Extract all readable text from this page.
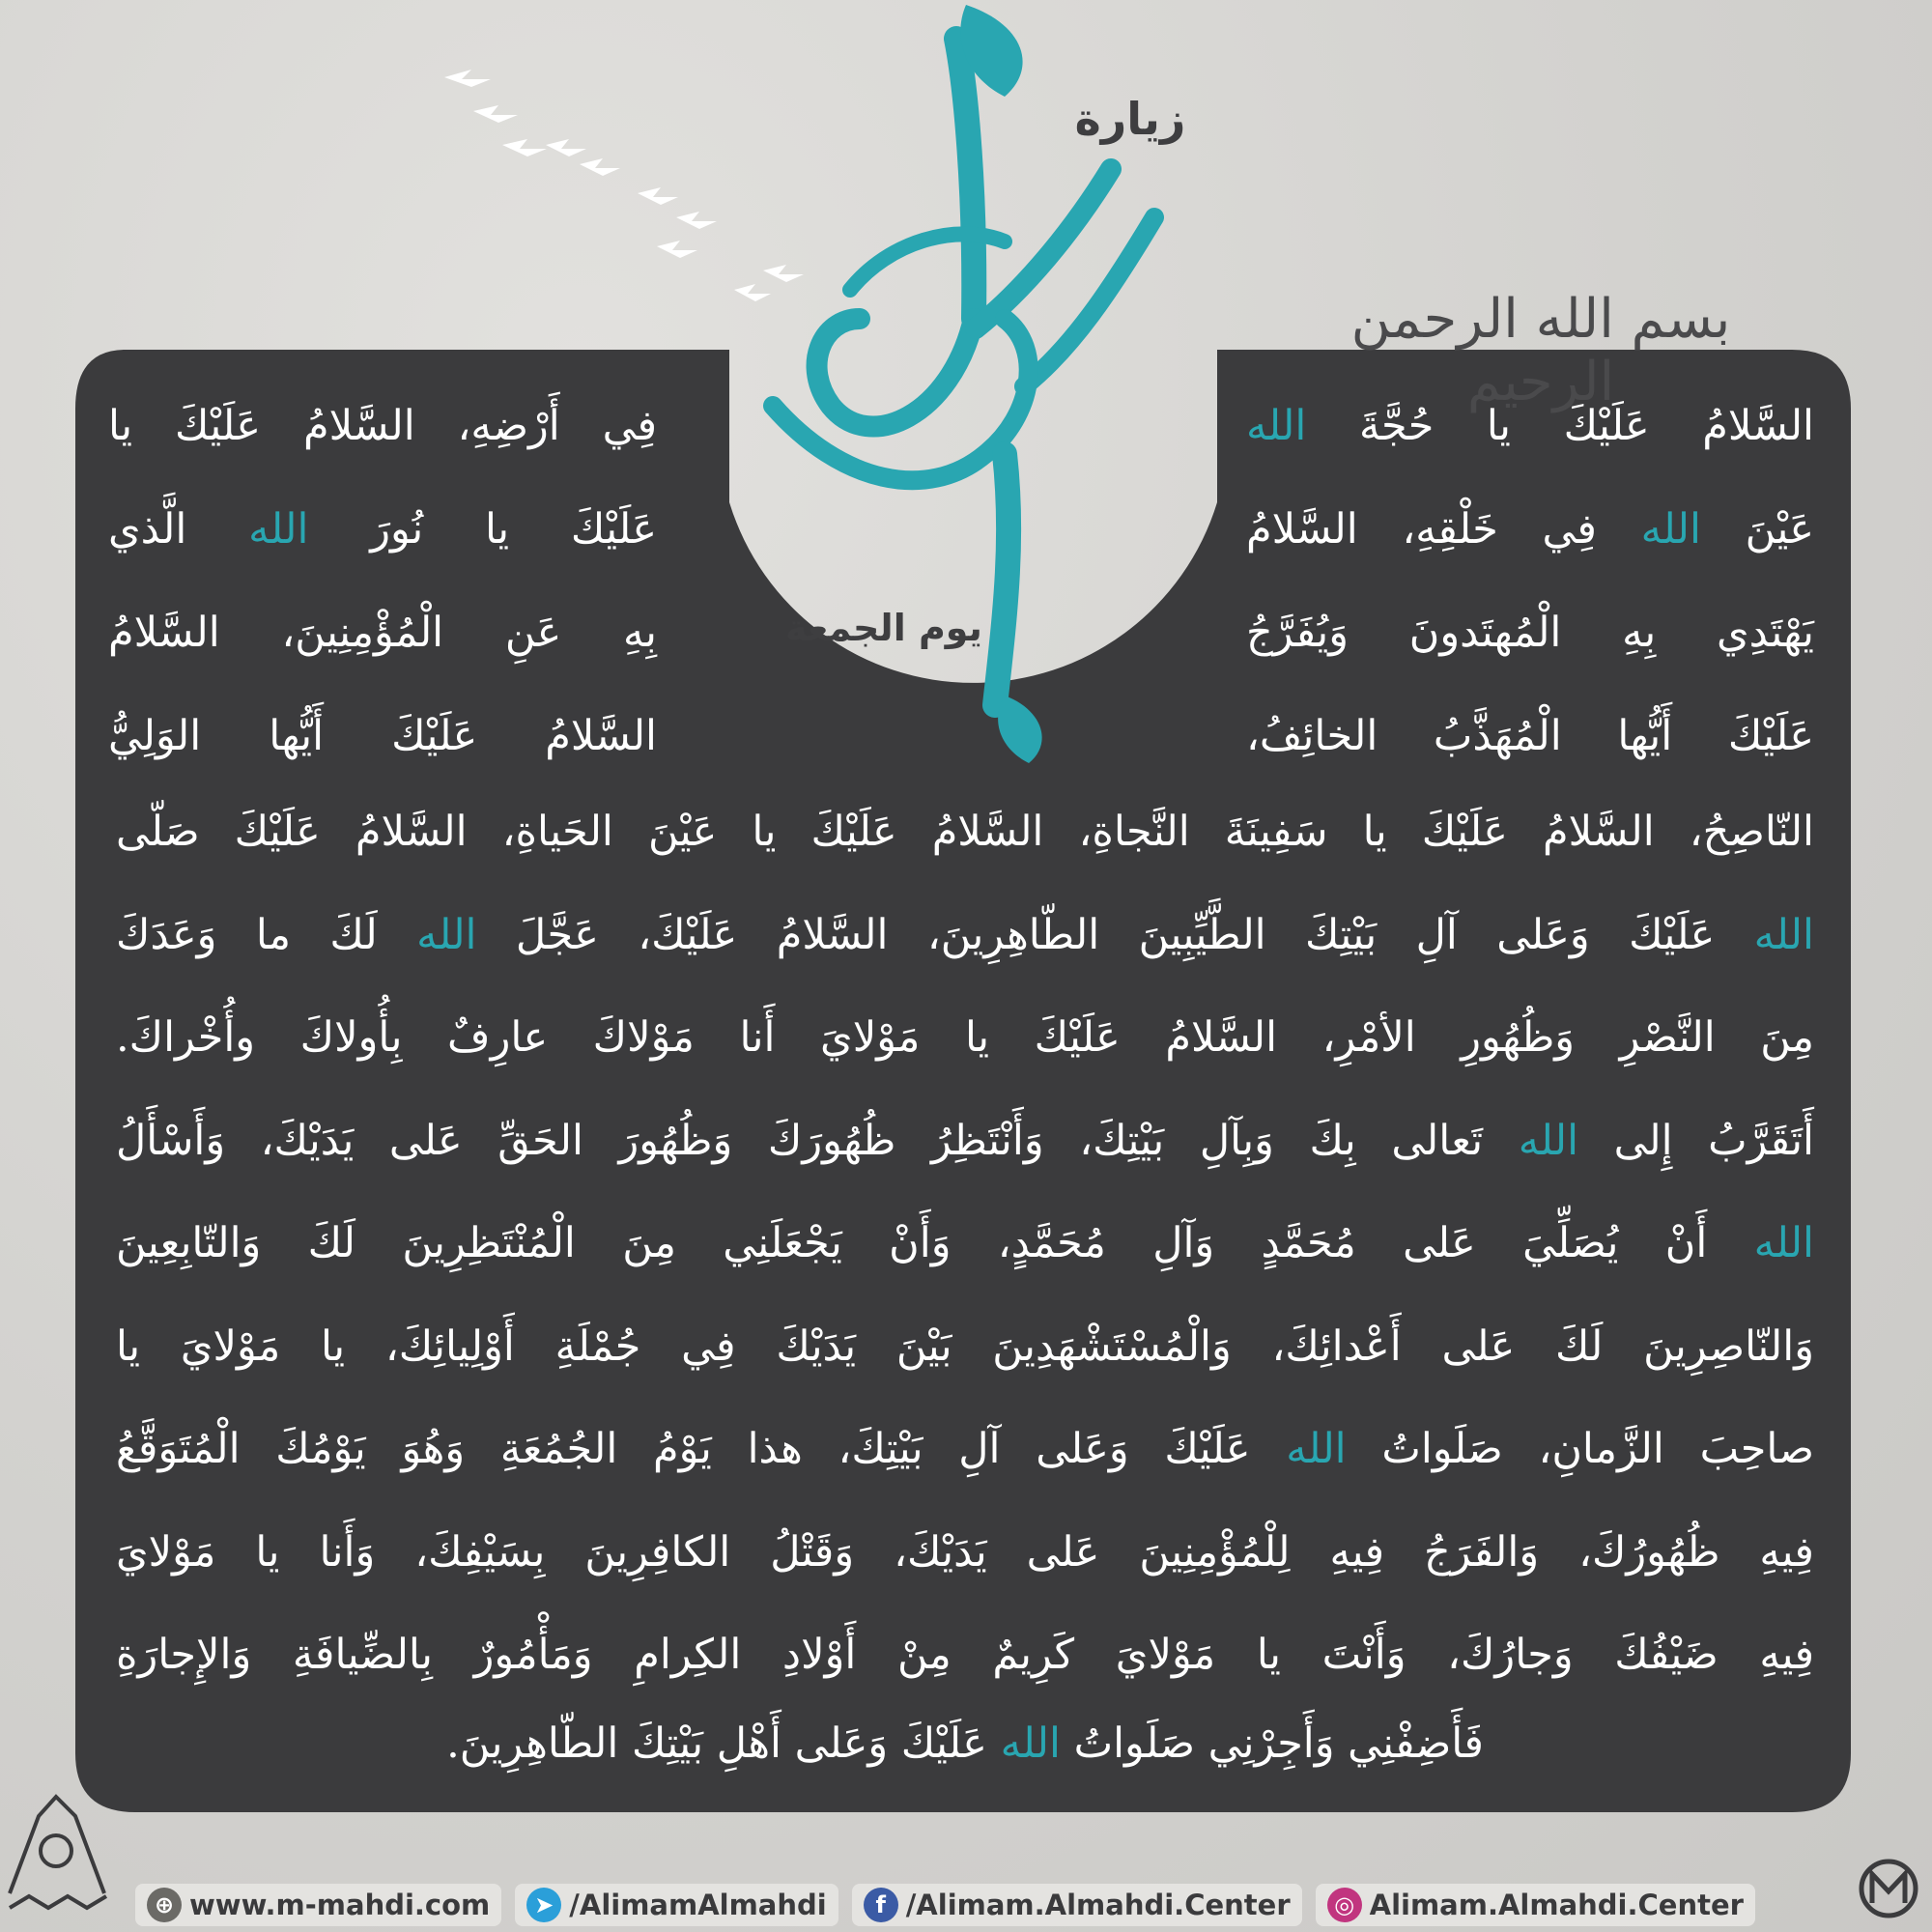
زيارة
يوم الجمعة
بسم الله الرحمن الرحيم
السَّلامُ عَلَيْكَ يا حُجَّةَ الله
عَيْنَ الله فِي خَلْقِهِ، السَّلامُ
يَهْتَدِي بِهِ الْمُهتَدونَ وَيُفَرَّجُ
عَلَيْكَ أَيُّها الْمُهَذَّبُ الخائِفُ،
فِي أَرْضِهِ، السَّلامُ عَلَيْكَ يا
عَلَيْكَ يا نُورَ الله الَّذي
بِهِ عَنِ الْمُؤْمِنِينَ، السَّلامُ
السَّلامُ عَلَيْكَ أَيُّها الوَلِيُّ
النّاصِحُ، السَّلامُ عَلَيْكَ يا سَفِينَةَ النَّجاةِ، السَّلامُ عَلَيْكَ يا عَيْنَ الحَياةِ، السَّلامُ عَلَيْكَ صَلّى
الله عَلَيْكَ وَعَلى آلِ بَيْتِكَ الطَّيِّبِينَ الطّاهِرِينَ، السَّلامُ عَلَيْكَ، عَجَّلَ الله لَكَ ما وَعَدَكَ
مِنَ النَّصْرِ وَظُهُورِ الأمْرِ، السَّلامُ عَلَيْكَ يا مَوْلايَ أَنا مَوْلاكَ عارِفٌ بِأُولاكَ وأُخْراكَ.
أَتَقَرَّبُ إِلى الله تَعالى بِكَ وَبِآلِ بَيْتِكَ، وَأَنْتَظِرُ ظُهُورَكَ وَظُهُورَ الحَقِّ عَلى يَدَيْكَ، وَأَسْأَلُ
الله أَنْ يُصَلِّيَ عَلى مُحَمَّدٍ وَآلِ مُحَمَّدٍ، وَأَنْ يَجْعَلَنِي مِنَ الْمُنْتَظِرِينَ لَكَ وَالتّابِعِينَ
وَالنّاصِرِينَ لَكَ عَلى أَعْدائِكَ، وَالْمُسْتَشْهَدِينَ بَيْنَ يَدَيْكَ فِي جُمْلَةِ أَوْلِيائِكَ، يا مَوْلايَ يا
صاحِبَ الزَّمانِ، صَلَواتُ الله عَلَيْكَ وَعَلى آلِ بَيْتِكَ، هذا يَوْمُ الجُمُعَةِ وَهُوَ يَوْمُكَ الْمُتَوَقَّعُ
فِيهِ ظُهُورُكَ، وَالفَرَجُ فِيهِ لِلْمُؤْمِنِينَ عَلى يَدَيْكَ، وَقَتْلُ الكافِرِينَ بِسَيْفِكَ، وَأَنا يا مَوْلايَ
فِيهِ ضَيْفُكَ وَجارُكَ، وَأَنْتَ يا مَوْلايَ كَرِيمٌ مِنْ أَوْلادِ الكِرامِ وَمَأْمُورٌ بِالضِّيافَةِ وَالإِجارَةِ
فَأَضِفْنِي وَأَجِرْنِي صَلَواتُ الله عَلَيْكَ وَعَلى أَهْلِ بَيْتِكَ الطّاهِرِينَ.
⊕ www.m-mahdi.com	➤ /AlimamAlmahdi	f /Alimam.Almahdi.Center	◎ Alimam.Almahdi.Center
